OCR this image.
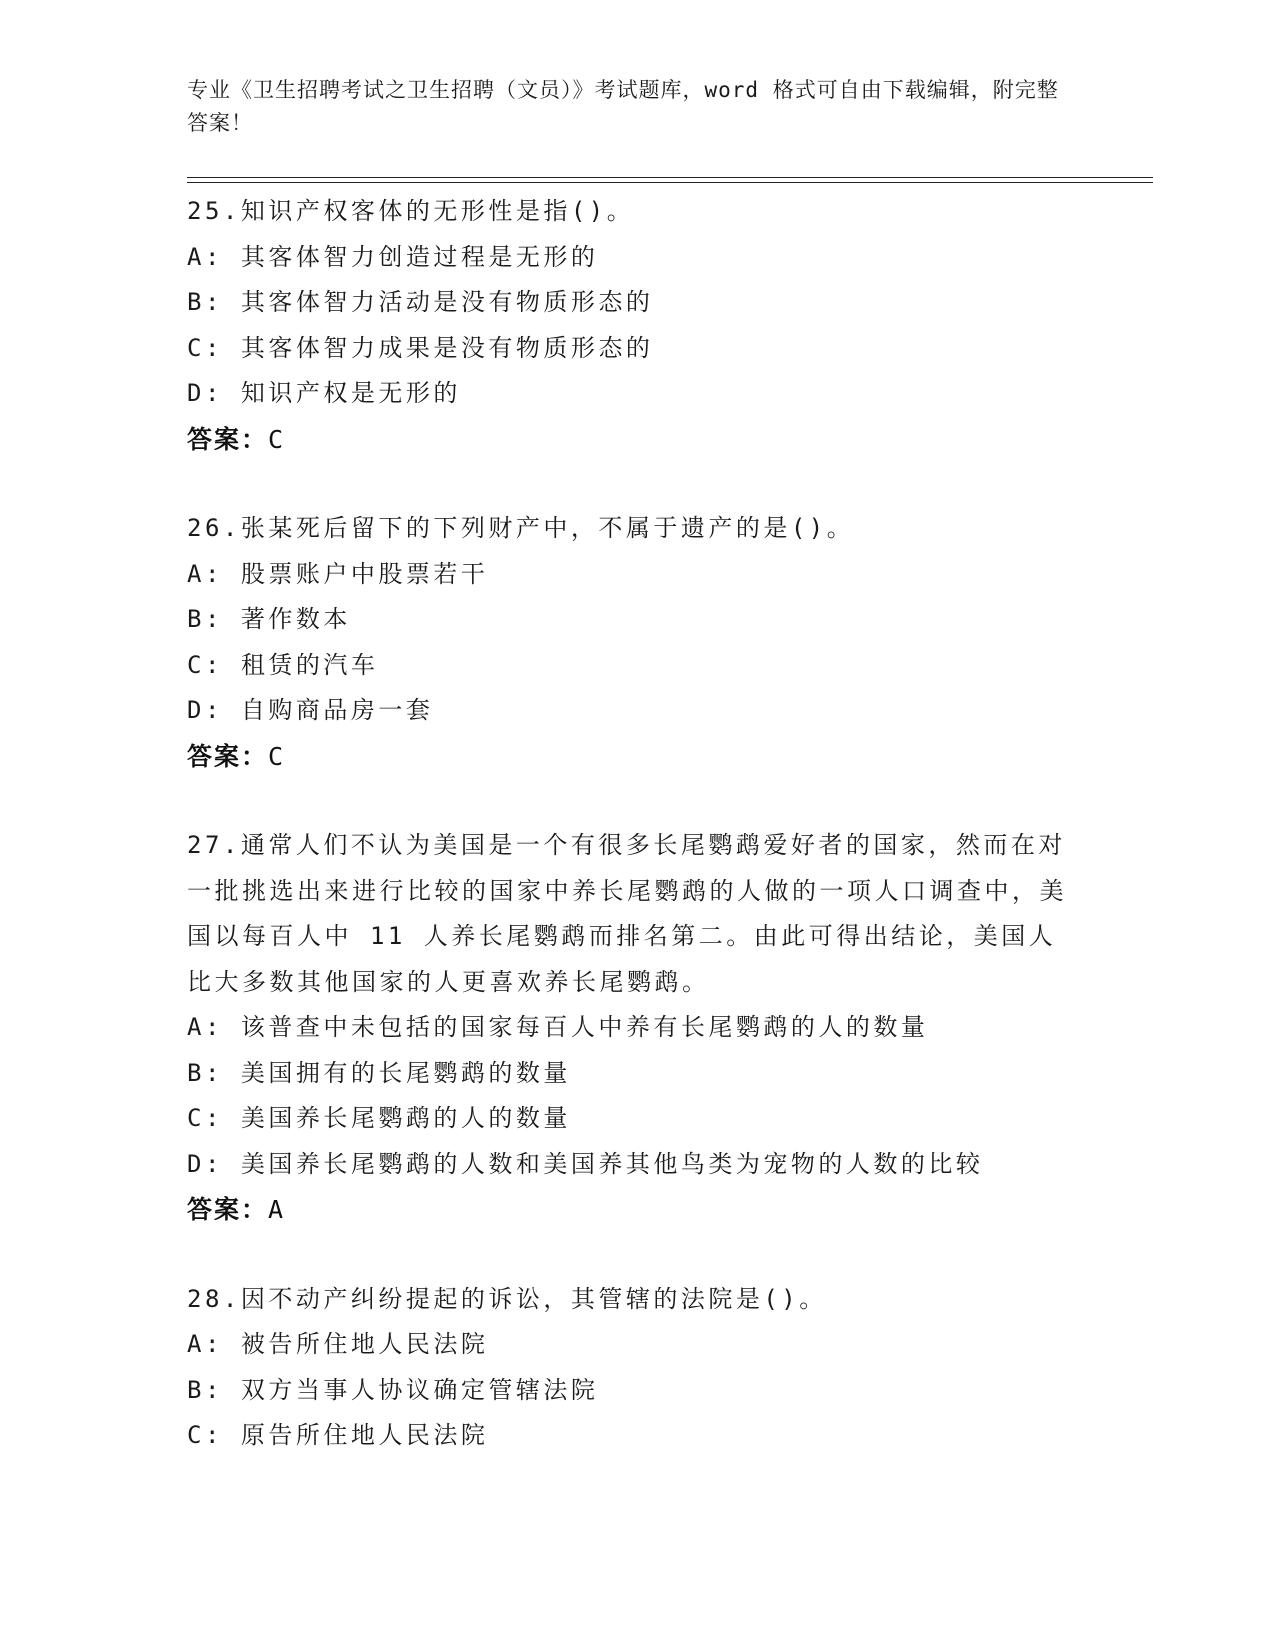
专业《卫生招聘考试之卫生招聘（文员）》考试题库，word 格式可自由下载编辑，附完整答案！
25.知识产权客体的无形性是指()。
A: 其客体智力创造过程是无形的
B: 其客体智力活动是没有物质形态的
C: 其客体智力成果是没有物质形态的
D: 知识产权是无形的
答案：C
26.张某死后留下的下列财产中，不属于遗产的是()。
A: 股票账户中股票若干
B: 著作数本
C: 租赁的汽车
D: 自购商品房一套
答案：C
27.通常人们不认为美国是一个有很多长尾鹦鹉爱好者的国家，然而在对一批挑选出来进行比较的国家中养长尾鹦鹉的人做的一项人口调查中，美国以每百人中 11 人养长尾鹦鹉而排名第二。由此可得出结论，美国人比大多数其他国家的人更喜欢养长尾鹦鹉。
A: 该普查中未包括的国家每百人中养有长尾鹦鹉的人的数量
B: 美国拥有的长尾鹦鹉的数量
C: 美国养长尾鹦鹉的人的数量
D: 美国养长尾鹦鹉的人数和美国养其他鸟类为宠物的人数的比较
答案：A
28.因不动产纠纷提起的诉讼，其管辖的法院是()。
A: 被告所住地人民法院
B: 双方当事人协议确定管辖法院
C: 原告所住地人民法院
